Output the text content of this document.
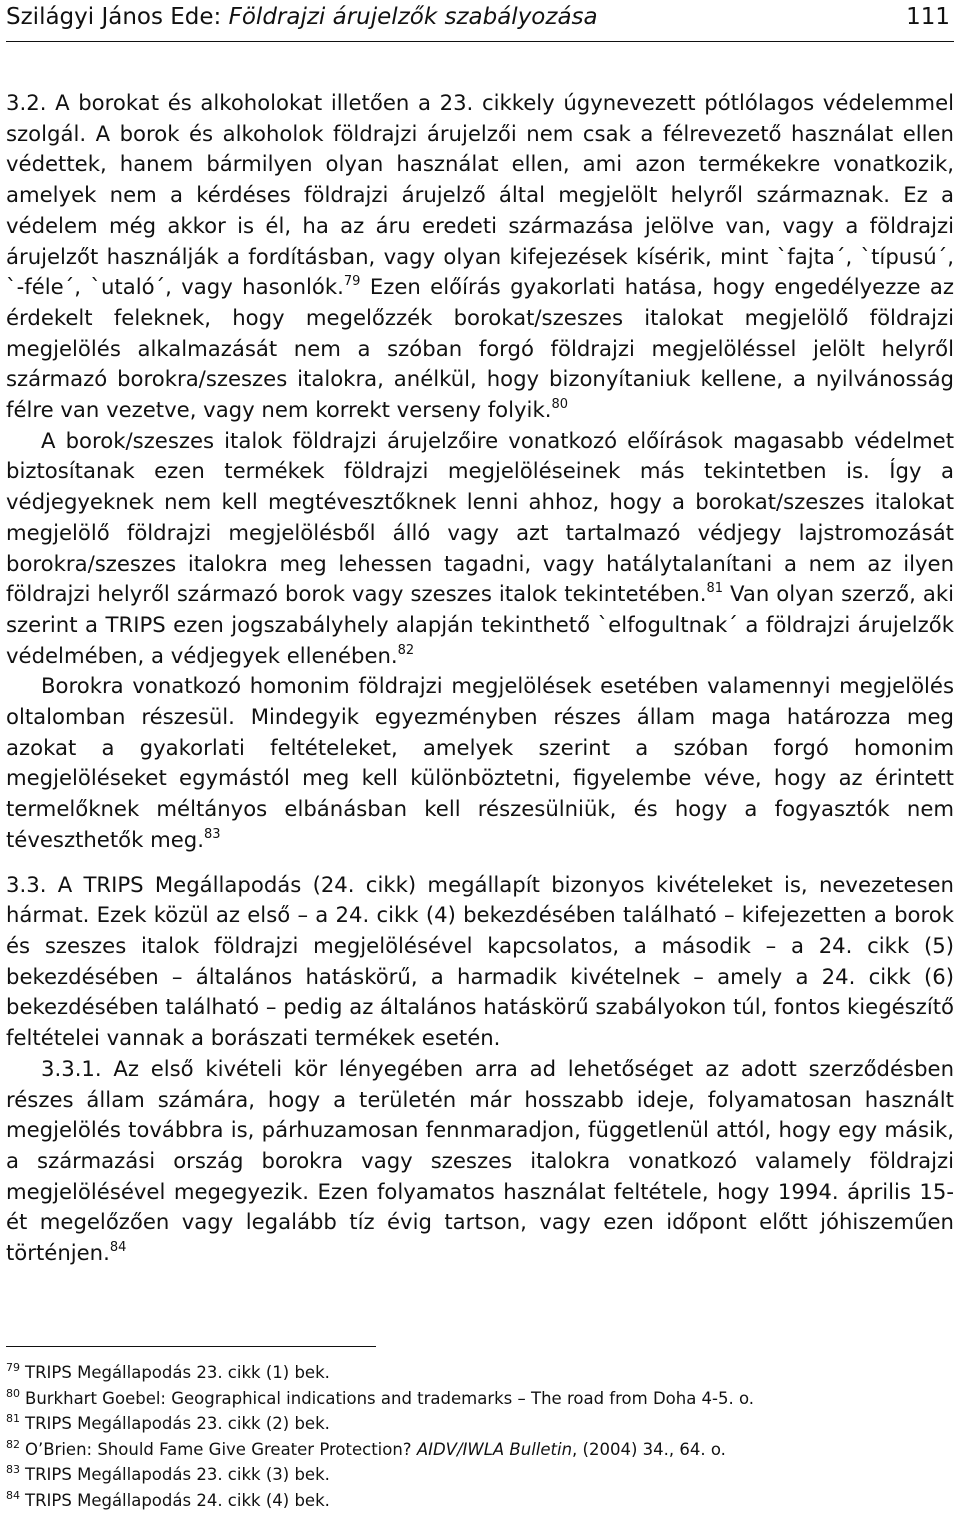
Szilágyi János Ede: Földrajzi árujelzők szabályozása	111

3.2. A borokat és alkoholokat illetően a 23. cikkely úgynevezett pótlólagos védelemmel szolgál. A borok és alkoholok földrajzi árujelzői nem csak a félrevezető használat ellen védettek, hanem bármilyen olyan használat ellen, ami azon termékekre vonatkozik, amelyek nem a kérdéses földrajzi árujelző által megjelölt helyről származnak. Ez a védelem még akkor is él, ha az áru eredeti származása jelölve van, vagy a földrajzi árujelzőt használják a fordításban, vagy olyan kifejezések kísérik, mint `fajta´, `típusú´, `-féle´, `utaló´, vagy hasonlók.$^{79}$ Ezen előírás gyakorlati hatása, hogy engedélyezze az érdekelt feleknek, hogy megelőzzék borokat/szeszes italokat megjelölő földrajzi megjelölés alkalmazását nem a szóban forgó földrajzi megjelöléssel jelölt helyről származó borokra/szeszes italokra, anélkül, hogy bizonyítaniuk kellene, a nyilvánosság félre van vezetve, vagy nem korrekt verseny folyik.$^{80}$

A borok/szeszes italok földrajzi árujelzőire vonatkozó előírások magasabb védelmet biztosítanak ezen termékek földrajzi megjelöléseinek más tekintetben is. Így a védjegyeknek nem kell megtévesztőknek lenni ahhoz, hogy a borokat/szeszes italokat megjelölő földrajzi megjelölésből álló vagy azt tartalmazó védjegy lajstromozását borokra/szeszes italokra meg lehessen tagadni, vagy hatálytalanítani a nem az ilyen földrajzi helyről származó borok vagy szeszes italok tekintetében.$^{81}$ Van olyan szerző, aki szerint a TRIPS ezen jogszabályhely alapján tekinthető `elfogultnak´ a földrajzi árujelzők védelmében, a védjegyek ellenében.$^{82}$

Borokra vonatkozó homonim földrajzi megjelölések esetében valamennyi megjelölés oltalomban részesül. Mindegyik egyezményben részes állam maga határozza meg azokat a gyakorlati feltételeket, amelyek szerint a szóban forgó homonim megjelöléseket egymástól meg kell különböztetni, figyelembe véve, hogy az érintett termelőknek méltányos elbánásban kell részesülniük, és hogy a fogyasztók nem téveszthetők meg.$^{83}$

3.3. A TRIPS Megállapodás (24. cikk) megállapít bizonyos kivételeket is, nevezetesen hármat. Ezek közül az első – a 24. cikk (4) bekezdésében található – kifejezetten a borok és szeszes italok földrajzi megjelölésével kapcsolatos, a második – a 24. cikk (5) bekezdésében – általános hatáskörű, a harmadik kivételnek – amely a 24. cikk (6) bekezdésében található – pedig az általános hatáskörű szabályokon túl, fontos kiegészítő feltételei vannak a borászati termékek esetén.

3.3.1. Az első kivételi kör lényegében arra ad lehetőséget az adott szerződésben részes állam számára, hogy a területén már hosszabb ideje, folyamatosan használt megjelölés továbbra is, párhuzamosan fennmaradjon, függetlenül attól, hogy egy másik, a származási ország borokra vagy szeszes italokra vonatkozó valamely földrajzi megjelölésével megegyezik. Ezen folyamatos használat feltétele, hogy 1994. április 15-ét megelőzően vagy legalább tíz évig tartson, vagy ezen időpont előtt jóhiszeműen történjen.$^{84}$

$^{79}$ TRIPS Megállapodás 23. cikk (1) bek.
$^{80}$ Burkhart Goebel: Geographical indications and trademarks – The road from Doha 4-5. o.
$^{81}$ TRIPS Megállapodás 23. cikk (2) bek.
$^{82}$ O’Brien: Should Fame Give Greater Protection? AIDV/IWLA Bulletin, (2004) 34., 64. o.
$^{83}$ TRIPS Megállapodás 23. cikk (3) bek.
$^{84}$ TRIPS Megállapodás 24. cikk (4) bek.
